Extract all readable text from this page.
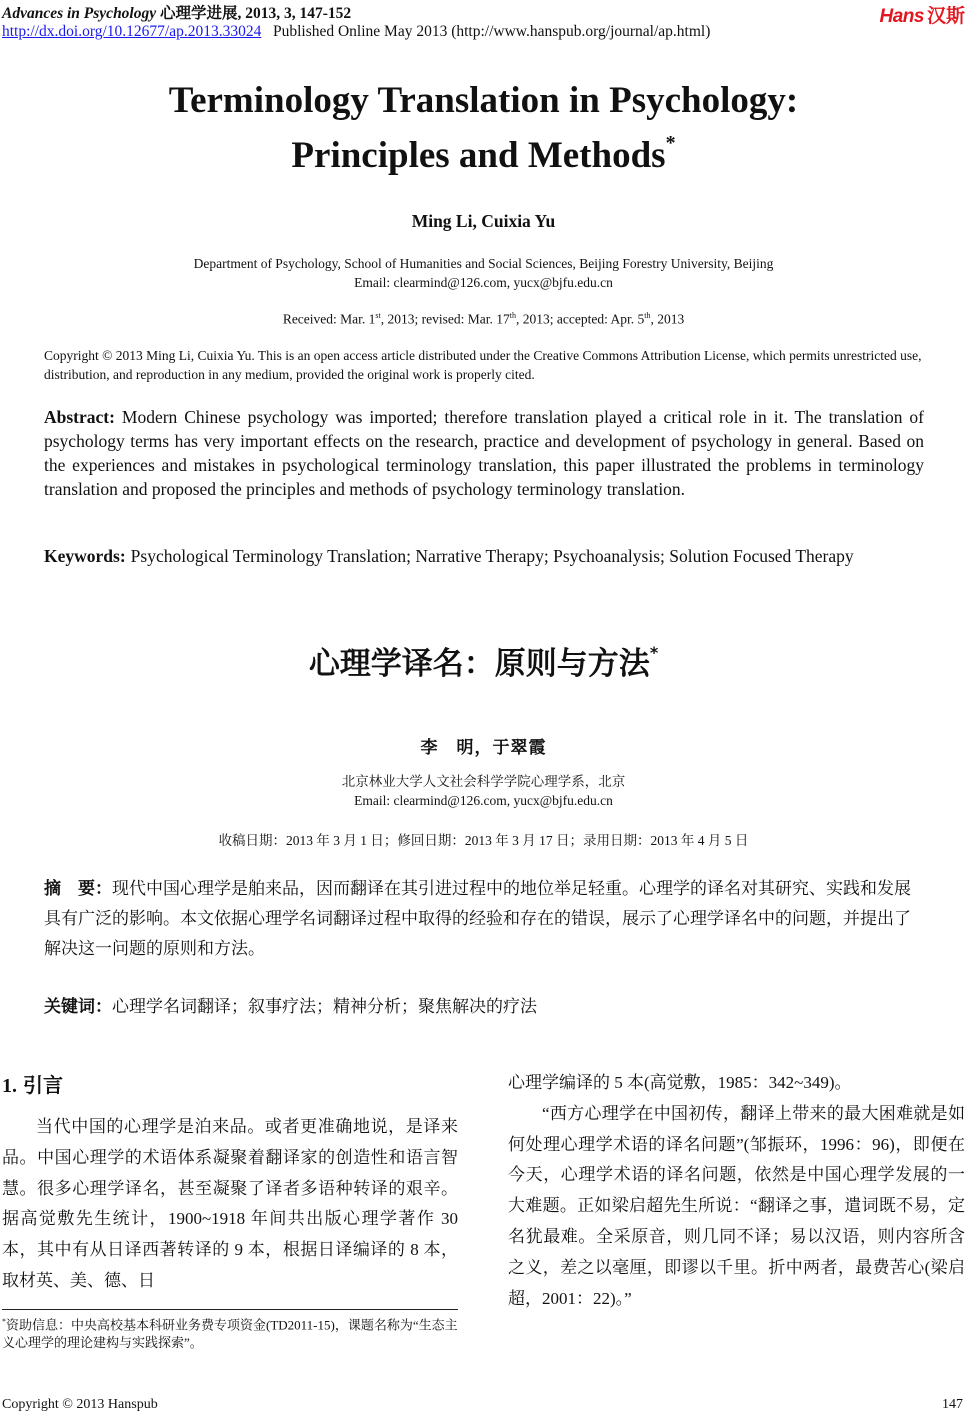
Advances in Psychology 心理学进展, 2013, 3, 147-152
http://dx.doi.org/10.12677/ap.2013.33024 Published Online May 2013 (http://www.hanspub.org/journal/ap.html)
Hans 汉斯
Terminology Translation in Psychology:
Principles and Methods*
Ming Li, Cuixia Yu
Department of Psychology, School of Humanities and Social Sciences, Beijing Forestry University, Beijing
Email: clearmind@126.com, yucx@bjfu.edu.cn
Received: Mar. 1st, 2013; revised: Mar. 17th, 2013; accepted: Apr. 5th, 2013
Copyright © 2013 Ming Li, Cuixia Yu. This is an open access article distributed under the Creative Commons Attribution License, which permits unrestricted use, distribution, and reproduction in any medium, provided the original work is properly cited.
Abstract: Modern Chinese psychology was imported; therefore translation played a critical role in it. The translation of psychology terms has very important effects on the research, practice and development of psychology in general. Based on the experiences and mistakes in psychological terminology translation, this paper illustrated the problems in terminology translation and proposed the principles and methods of psychology terminology translation.
Keywords: Psychological Terminology Translation; Narrative Therapy; Psychoanalysis; Solution Focused Therapy
心理学译名：原则与方法*
李　明，于翠霞
北京林业大学人文社会科学学院心理学系，北京
Email: clearmind@126.com, yucx@bjfu.edu.cn
收稿日期：2013 年 3 月 1 日；修回日期：2013 年 3 月 17 日；录用日期：2013 年 4 月 5 日
摘　要：现代中国心理学是舶来品，因而翻译在其引进过程中的地位举足轻重。心理学的译名对其研究、实践和发展具有广泛的影响。本文依据心理学名词翻译过程中取得的经验和存在的错误，展示了心理学译名中的问题，并提出了解决这一问题的原则和方法。
关键词：心理学名词翻译；叙事疗法；精神分析；聚焦解决的疗法
1. 引言

当代中国的心理学是泊来品。或者更准确地说，是译来品。中国心理学的术语体系凝聚着翻译家的创造性和语言智慧。很多心理学译名，甚至凝聚了译者多语种转译的艰辛。据高觉敷先生统计，1900~1918 年间共出版心理学著作 30 本，其中有从日译西著转译的 9 本，根据日译编译的 8 本，取材英、美、德、日

心理学编译的 5 本(高觉敷，1985：342~349)。

“西方心理学在中国初传，翻译上带来的最大困难就是如何处理心理学术语的译名问题”(邹振环，1996：96)，即便在今天，心理学术语的译名问题，依然是中国心理学发展的一大难题。正如梁启超先生所说：“翻译之事，遣词既不易，定名犹最难。全采原音，则几同不译；易以汉语，则内容所含之义，差之以毫厘，即谬以千里。折中两者，最费苦心(梁启超，2001：22)。”

*资助信息：中央高校基本科研业务费专项资金(TD2011-15)，课题名称为“生态主义心理学的理论建构与实践探索”。
Copyright © 2013 Hanspub	147
